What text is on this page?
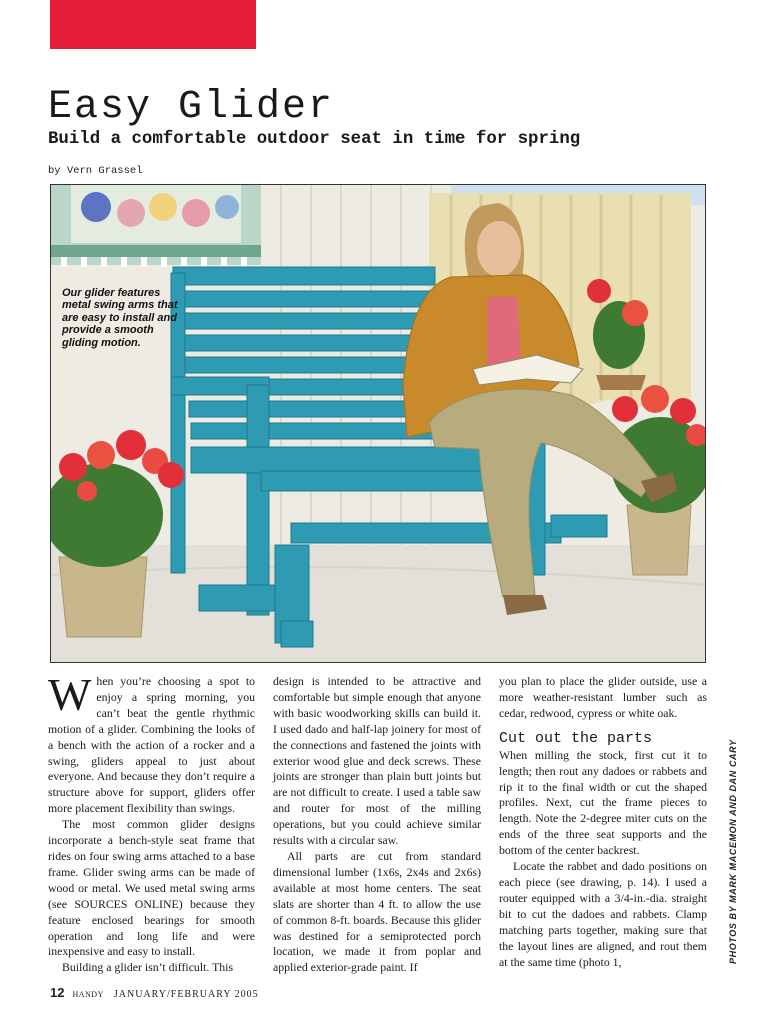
Easy Glider
Build a comfortable outdoor seat in time for spring
by Vern Grassel
Our glider features metal swing arms that are easy to install and provide a smooth gliding motion.

When you’re choosing a spot to enjoy a spring morning, you can’t beat the gentle rhythmic motion of a glider. Combining the looks of a bench with the action of a rocker and a swing, gliders appeal to just about everyone. And because they don’t require a structure above for support, gliders offer more placement flexibility than swings.

The most common glider designs incorporate a bench-style seat frame that rides on four swing arms attached to a base frame. Glider swing arms can be made of wood or metal. We used metal swing arms (see SOURCES ONLINE) because they feature enclosed bearings for smooth operation and long life and were inexpensive and easy to install.

Building a glider isn’t difficult. This

design is intended to be attractive and comfortable but simple enough that anyone with basic woodworking skills can build it. I used dado and half-lap joinery for most of the connections and fastened the joints with exterior wood glue and deck screws. These joints are stronger than plain butt joints but are not difficult to create. I used a table saw and router for most of the milling operations, but you could achieve similar results with a circular saw.

All parts are cut from standard dimensional lumber (1x6s, 2x4s and 2x6s) available at most home centers. The seat slats are shorter than 4 ft. to allow the use of common 8-ft. boards. Because this glider was destined for a semiprotected porch location, we made it from poplar and applied exterior-grade paint. If

you plan to place the glider outside, use a more weather-resistant lumber such as cedar, redwood, cypress or white oak.

Cut out the parts

When milling the stock, first cut it to length; then rout any dadoes or rabbets and rip it to the final width or cut the shaped profiles. Next, cut the frame pieces to length. Note the 2-degree miter cuts on the ends of the three seat supports and the bottom of the center backrest.

Locate the rabbet and dado positions on each piece (see drawing, p. 14). I used a router equipped with a 3/4-in.-dia. straight bit to cut the dadoes and rabbets. Clamp matching parts together, making sure that the layout lines are aligned, and rout them at the same time (photo 1,	PHOTOS BY MARK MACEMON AND DAN CARY
12 HANDY JANUARY/FEBRUARY 2005
